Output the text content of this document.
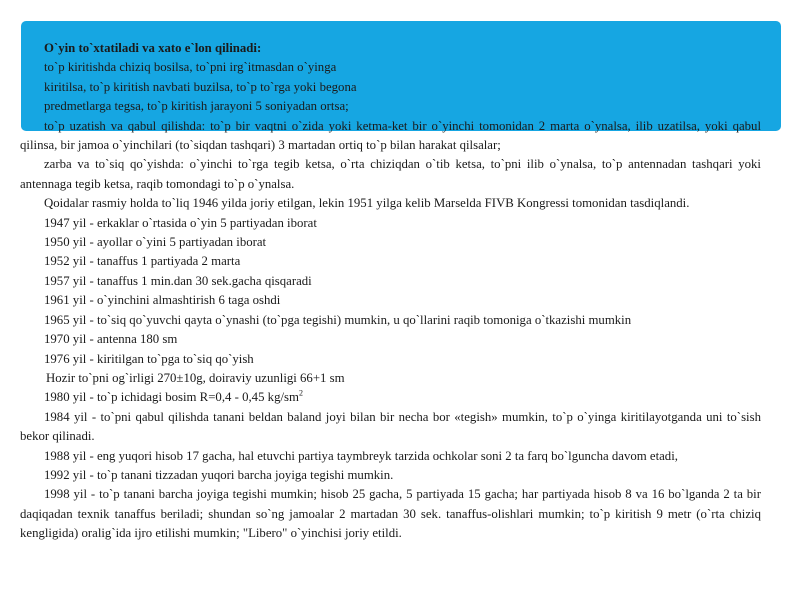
O`yin to`xtatiladi va xato e`lon qilinadi:

to`p kiritishda chiziq bosilsa, to`pni irg`itmasdan o`yinga

kiritilsa, to`p kiritish navbati buzilsa, to`p to`rga yoki begona

predmetlarga tegsa, to`p kiritish jarayoni 5 soniyadan ortsa;

to`p uzatish va qabul qilishda: to`p bir vaqtni o`zida yoki ketma-ket bir o`yinchi tomonidan 2 marta o`ynalsa, ilib uzatilsa, yoki qabul qilinsa, bir jamoa o`yinchilari (to`siqdan tashqari) 3 martadan ortiq to`p bilan harakat qilsalar;

zarba va to`siq qo`yishda: o`yinchi to`rga tegib ketsa, o`rta chiziqdan o`tib ketsa, to`pni ilib o`ynalsa, to`p antennadan tashqari yoki antennaga tegib ketsa, raqib tomondagi to`p o`ynalsa.

Qoidalar rasmiy holda to`liq 1946 yilda joriy etilgan, lekin 1951 yilga kelib Marselda FIVB Kongressi tomonidan tasdiqlandi.

1947 yil - erkaklar o`rtasida o`yin 5 partiyadan iborat

1950 yil - ayollar o`yini 5 partiyadan iborat

1952 yil - tanaffus 1 partiyada 2 marta

1957 yil - tanaffus 1 min.dan 30 sek.gacha qisqaradi

1961 yil - o`yinchini almashtirish 6 taga oshdi

1965 yil - to`siq qo`yuvchi qayta o`ynashi (to`pga tegishi) mumkin, u qo`llarini raqib tomoniga o`tkazishi mumkin

1970 yil - antenna 180 sm

1976 yil - kiritilgan to`pga to`siq qo`yish

Hozir to`pni og`irligi 270±10g, doiraviy uzunligi 66+1 sm

1980 yil - to`p ichidagi bosim R=0,4 - 0,45 $kg/sm^2$

1984 yil - to`pni qabul qilishda tanani beldan baland joyi bilan bir necha bor «tegish» mumkin, to`p o`yinga kiritilayotganda uni to`sish bekor qilinadi.

1988 yil - eng yuqori hisob 17 gacha, hal etuvchi partiya taymbreyk tarzida ochkolar soni 2 ta farq bo`lguncha davom etadi,

1992 yil - to`p tanani tizzadan yuqori barcha joyiga tegishi mumkin.

1998 yil - to`p tanani barcha joyiga tegishi mumkin; hisob 25 gacha, 5 partiyada 15 gacha; har partiyada hisob 8 va 16 bo`lganda 2 ta bir daqiqadan texnik tanaffus beriladi; shundan so`ng jamoalar 2 martadan 30 sek. tanaffus-olishlari mumkin; to`p kiritish 9 metr (o`rta chiziq kengligida) oralig`ida ijro etilishi mumkin; "Libero" o`yinchisi joriy etildi.
